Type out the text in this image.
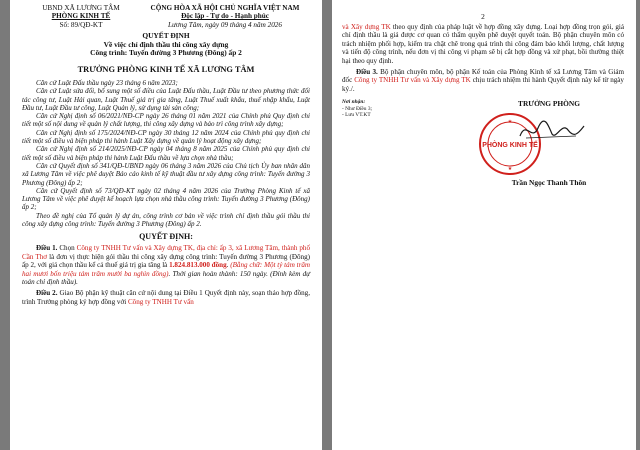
UBND XÃ LƯƠNG TÂM
PHÒNG KINH TẾ
Số: 89/QĐ-KT
CỘNG HÒA XÃ HỘI CHỦ NGHĨA VIỆT NAM
Độc lập - Tự do - Hạnh phúc
Lương Tâm, ngày 09 tháng 4 năm 2026
QUYẾT ĐỊNH
Về việc chỉ định thầu thi công xây dựng
Công trình: Tuyến đường 3 Phương (Đông) ấp 2
TRƯỞNG PHÒNG KINH TẾ XÃ LƯƠNG TÂM

Căn cứ Luật Đấu thầu ngày 23 tháng 6 năm 2023;

Căn cứ Luật sửa đổi, bổ sung một số điều của Luật Đấu thầu, Luật Đầu tư theo phương thức đối tác công tư, Luật Hải quan, Luật Thuế giá trị gia tăng, Luật Thuế xuất khẩu, thuế nhập khẩu, Luật Đầu tư, Luật Đầu tư công, Luật Quản lý, sử dụng tài sản công;

Căn cứ Nghị định số 06/2021/NĐ-CP ngày 26 tháng 01 năm 2021 của Chính phủ Quy định chi tiết một số nội dung về quản lý chất lượng, thi công xây dựng và bảo trì công trình xây dựng;

Căn cứ Nghị định số 175/2024/NĐ-CP ngày 30 tháng 12 năm 2024 của Chính phủ quy định chi tiết một số điều và biện pháp thi hành Luật Xây dựng về quản lý hoạt động xây dựng;

Căn cứ Nghị định số 214/2025/NĐ-CP ngày 04 tháng 8 năm 2025 của Chính phủ quy định chi tiết một số điều và biện pháp thi hành Luật Đấu thầu về lựa chọn nhà thầu;

Căn cứ Quyết định số 341/QĐ-UBND ngày 06 tháng 3 năm 2026 của Chủ tịch Ủy ban nhân dân xã Lương Tâm về việc phê duyệt Báo cáo kinh tế kỹ thuật đầu tư xây dựng công trình: Tuyến đường 3 Phương (Đông) ấp 2;

Căn cứ Quyết định số 73/QĐ-KT ngày 02 tháng 4 năm 2026 của Trưởng Phòng Kinh tế xã Lương Tâm về việc phê duyệt kế hoạch lựa chọn nhà thầu công trình: Tuyến đường 3 Phương (Đông) ấp 2;

Theo đề nghị của Tổ quản lý dự án, công trình cơ bản về việc trình chỉ định thầu gói thầu thi công xây dựng công trình: Tuyến đường 3 Phương (Đông) ấp 2.

QUYẾT ĐỊNH:

Điều 1. Chọn Công ty TNHH Tư vấn và Xây dựng TK, địa chỉ: ấp 3, xã Lương Tâm, thành phố Cần Thơ là đơn vị thực hiện gói thầu thi công xây dựng công trình: Tuyến đường 3 Phương (Đông) ấp 2, với giá chọn thầu kể cả thuế giá trị gia tăng là 1.824.813.000 đồng. (Bằng chữ: Một tỷ tám trăm hai mươi bốn triệu tám trăm mười ba nghìn đồng). Thời gian hoàn thành: 150 ngày. (Đính kèm dự toán chỉ định thầu).

Điều 2. Giao Bộ phận kỹ thuật căn cứ nội dung tại Điều 1 Quyết định này, soạn thảo hợp đồng, trình Trưởng phòng ký hợp đồng với Công ty TNHH Tư vấn

2

và Xây dựng TK theo quy định của pháp luật về hợp đồng xây dựng. Loại hợp đồng trọn gói, giá chỉ định thầu là giá được cơ quan có thẩm quyền phê duyệt quyết toán. Bộ phận chuyên môn có trách nhiệm phối hợp, kiểm tra chặt chẽ trong quá trình thi công đảm bảo khối lượng, chất lượng và tiến độ công trình, nếu đơn vị thi công vi phạm sẽ bị cắt hợp đồng và xử phạt, bồi thường thiệt hại theo quy định.

Điều 3. Bộ phận chuyên môn, bộ phận Kế toán của Phòng Kinh tế xã Lương Tâm và Giám đốc Công ty TNHH Tư vấn và Xây dựng TK chịu trách nhiệm thi hành Quyết định này kể từ ngày ký./.

Nơi nhận:
- Như Điều 3;
- Lưu VT.KT
TRƯỞNG PHÒNG
PHÒNG KINH TẾ
★
★
Trần Ngọc Thanh Thôn
